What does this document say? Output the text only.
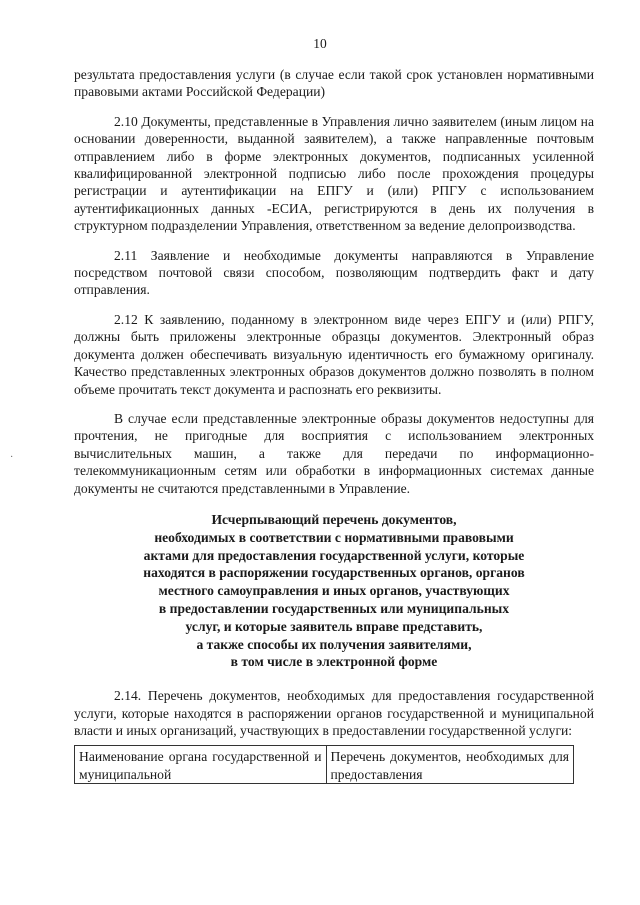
10
·

результата предоставления услуги (в случае если такой срок установлен нормативными правовыми актами Российской Федерации)

2.10 Документы, представленные в Управления лично заявителем (иным лицом на основании доверенности, выданной заявителем), а также направленные почтовым отправлением либо в форме электронных документов, подписанных усиленной квалифицированной электронной подписью либо после прохождения процедуры регистрации и аутентификации на ЕПГУ и (или) РПГУ с использованием аутентификационных данных -ЕСИА, регистрируются в день их получения в структурном подразделении Управления, ответственном за ведение делопроизводства.

2.11 Заявление и необходимые документы направляются в Управление посредством почтовой связи способом, позволяющим подтвердить факт и дату отправления.

2.12 К заявлению, поданному в электронном виде через ЕПГУ и (или) РПГУ, должны быть приложены электронные образцы документов. Электронный образ документа должен обеспечивать визуальную идентичность его бумажному оригиналу. Качество представленных электронных образов документов должно позволять в полном объеме прочитать текст документа и распознать его реквизиты.

В случае если представленные электронные образы документов недоступны для прочтения, не пригодные для восприятия с использованием электронных вычислительных машин, а также для передачи по информационно-телекоммуникационным сетям или обработки в информационных системах данные документы не считаются представленными в Управление.

Исчерпывающий перечень документов,
необходимых в соответствии с нормативными правовыми
актами для предоставления государственной услуги, которые
находятся в распоряжении государственных органов, органов
местного самоуправления и иных органов, участвующих
в предоставлении государственных или муниципальных
услуг, и которые заявитель вправе представить,
а также способы их получения заявителями,
в том числе в электронной форме

2.14. Перечень документов, необходимых для предоставления государственной услуги, которые находятся в распоряжении органов государственной и муниципальной власти и иных организаций, участвующих в предоставлении государственной услуги:

Наименование органа государственной и муниципальной	Перечень документов, необходимых для предоставления
